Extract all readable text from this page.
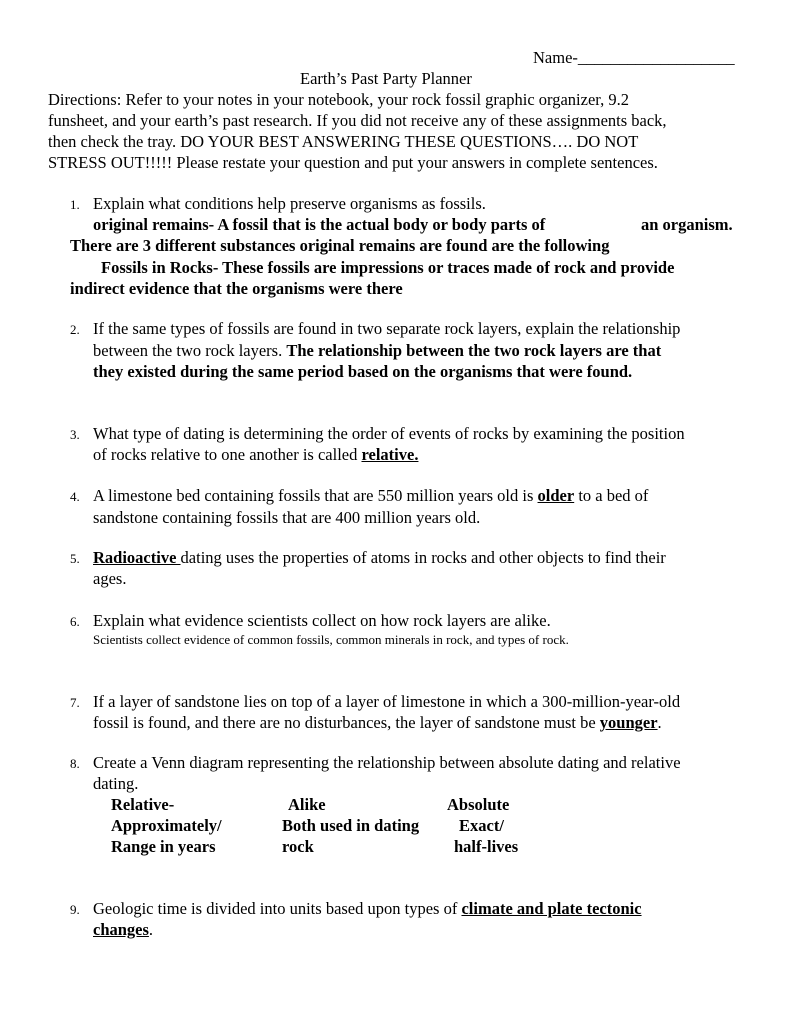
Name-___________________
Earth’s Past Party Planner
Directions: Refer to your notes in your notebook, your rock fossil graphic organizer, 9.2
funsheet, and your earth’s past research. If you did not receive any of these assignments back,
then check the tray. DO YOUR BEST ANSWERING THESE QUESTIONS…. DO NOT
STRESS OUT!!!!! Please restate your question and put your answers in complete sentences.
1. Explain what conditions help preserve organisms as fossils.
original remains- A fossil that is the actual body or body parts of	an organism.
There are 3 different substances original remains are found are the following
Fossils in Rocks- These fossils are impressions or traces made of rock and provide
indirect evidence that the organisms were there
2. If the same types of fossils are found in two separate rock layers, explain the relationship
between the two rock layers. The relationship between the two rock layers are that
they existed during the same period based on the organisms that were found.
3. What type of dating is determining the order of events of rocks by examining the position
of rocks relative to one another is called relative.
4. A limestone bed containing fossils that are 550 million years old is older to a bed of
sandstone containing fossils that are 400 million years old.
5. Radioactive dating uses the properties of atoms in rocks and other objects to find their
ages.
6. Explain what evidence scientists collect on how rock layers are alike.
Scientists collect evidence of common fossils, common minerals in rock, and types of rock.
7. If a layer of sandstone lies on top of a layer of limestone in which a 300-million-year-old
fossil is found, and there are no disturbances, the layer of sandstone must be younger.
8. Create a Venn diagram representing the relationship between absolute dating and relative
dating.
Relative-
Approximately/
Range in years
Alike
Both used in dating
rock
Absolute
Exact/
half-lives
9. Geologic time is divided into units based upon types of climate and plate tectonic
changes.
